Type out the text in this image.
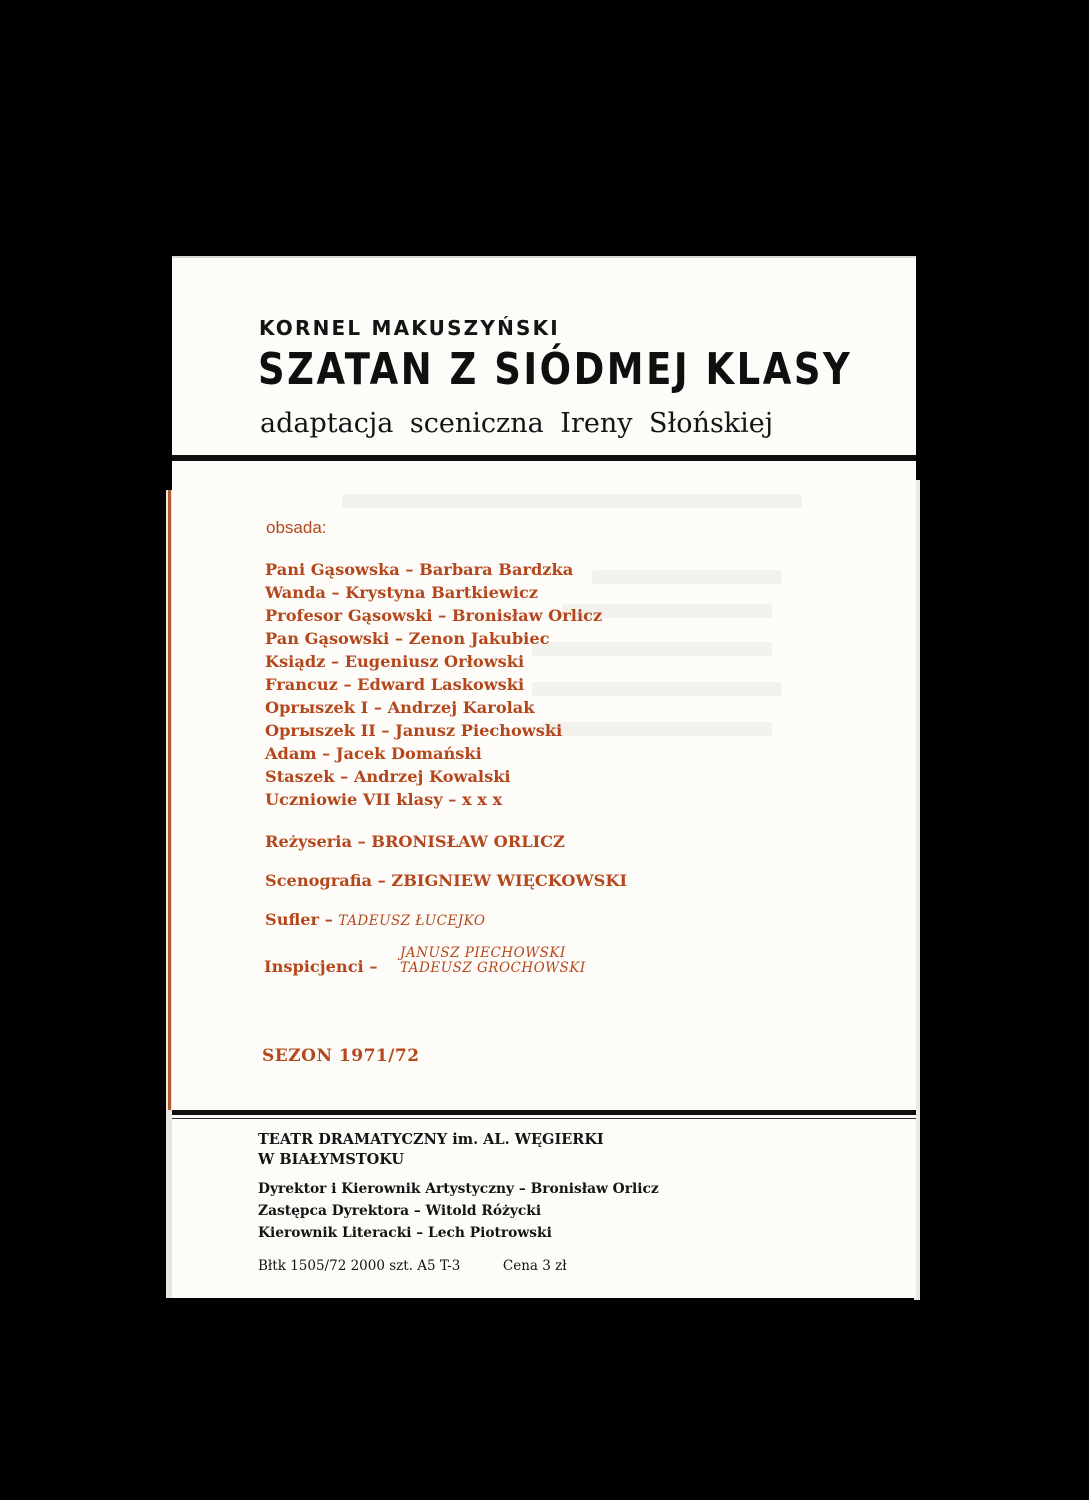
KORNEL MAKUSZYŃSKI
SZATAN Z SIÓDMEJ KLASY
adaptacja sceniczna Ireny Słońskiej
obsada:
Pani Gąsowska – Barbara Bardzka
Wanda – Krystyna Bartkiewicz
Profesor Gąsowski – Bronisław Orlicz
Pan Gąsowski – Zenon Jakubiec
Ksiądz – Eugeniusz Orłowski
Francuz – Edward Laskowski
Oprыszek I – Andrzej Karolak
Oprыszek II – Janusz Piechowski
Adam – Jacek Domański
Staszek – Andrzej Kowalski
Uczniowie VII klasy – x x x
Reżyseria – BRONISŁAW ORLICZ
Scenografia – ZBIGNIEW WIĘCKOWSKI
Sufler – TADEUSZ ŁUCEJKO
Inspicjenci –
JANUSZ PIECHOWSKI
TADEUSZ GROCHOWSKI
SEZON 1971/72
TEATR DRAMATYCZNY im. AL. WĘGIERKI
W BIAŁYMSTOKU
Dyrektor i Kierownik Artystyczny – Bronisław Orlicz
Zastępca Dyrektora – Witold Różycki
Kierownik Literacki – Lech Piotrowski
Błtk 1505/72 2000 szt. A5 T-3	Cena 3 zł
